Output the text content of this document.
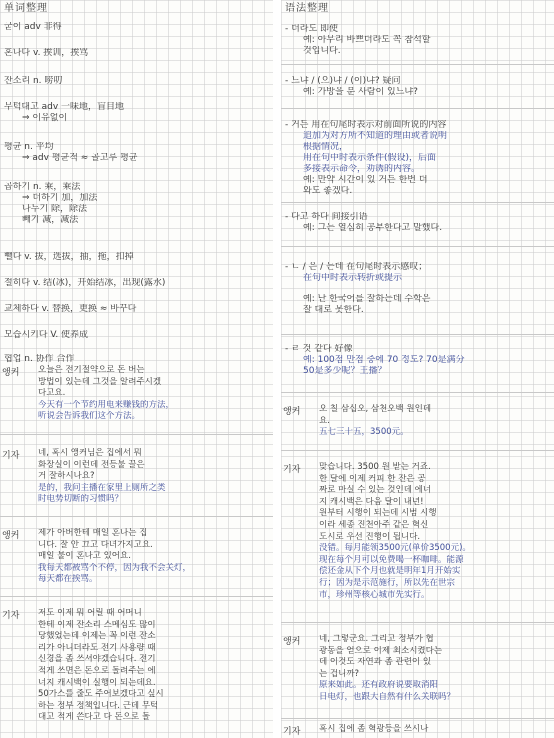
单词整理
굳이 adv 非得
혼나다 v. 挨训，挨骂
잔소리 n. 唠叨
무턱대고 adv 一味地，盲目地
⇒ 이유없이
평균 n. 平均
⇒ adv 평균적 ≈ 골고루 평균
곱하기 n. 乘，乘法
⇒ 더하기 加，加法
나누기 除，除法
빼기 减，减法
뺄다 v. 拔，选拔，抽，拖，扣掉
절히다 v. 结(冰)，开始结冰，出现(露水)
교체하다 v. 替换，更换 ≈ 바꾸다
모습시키다 V. 使养成
협업 n. 协作 合作
앵커 오늘은 전기절약으로 돈 버는
방법이 있는데 그것을 알려주시겠
다고요.
今天有一个节约用电来赚钱的方法，
听说会告诉我们这个方法。
기자 네, 혹시 앵커님은 집에서 뭐
화장실이 이런데 전등불 끌은
거 잘하시나요?
是的，我问主播在家里上厕所之类
时电势切断的习惯吗？
앵커 제가 아버한테 매일 혼나는 집
니다. 잘 안 끄고 다녀가지고요.
매일 불이 혼나고 있어요.
我每天都被骂个不停，因为我不会关灯，
每天都在挨骂。
기자 저도 이제 뭐 어릴 때 어머니
한테 이제 잔소리 스메심도 많이
당했었는데 이제는 꼭 이런 잔소
리가 아니더라도 전기 사용량 때
신경을 좀 쓰셔야겠습니다. 전기
적게 쓰면은 돈으로 돌려주는 에
너지 캐시백이 실행이 되는데요.
50가스를 줄도 주어보겠다고 싶시
하는 정부 정책입니다. 근데 무턱
대고 적게 쓴다고 다 돈으로 돌
语法整理
- 더라도 即使
예: 아무리 바쁘더라도 꼭 참석할
것입니다.
- 느냐 / (으)냐 / (이)냐? 疑问
예: 가방을 분 사람이 있느냐?
- 거든 用在句尾时表示对前面所说的内容
追加为对方所不知道的理由或者说明
根据情况，
用在句中时表示条件(假设)，后面
多接表示命令，劝诱的内容。
예: 만약 시간이 있 거든 한번 더
와도 좋겠다.
- 다고 하다 间接引语
예: 그는 열심히 공부한다고 말했다.
- ㄴ / 은 / 는데 在句尾时表示感叹；
在句中时表示转折或提示
예: 난 한국어를 잘하는데 수학은
잘 대로 못한다.
- ㄹ 것 같다 好像
예: 100점 만점 중에 70 정도? 70是满分
50是多少呢？王播？
앵커 오 칠 삼십오, 삼천오백 원인데
요.
五七三十五，3500元。
기자 맞습니다. 3500 원 받는 거죠.
한 달에 이제 커피 한 잔은 공
짜로 마실 수 있는 것인데 에너
지 캐시백은 다음 달이 내년!
원부터 시행이 되는데 시범 시행
이라 세종 진천아주 같은 혁신
도시로 우선 진행이 됩니다.
没错。每月能领3500元(单价3500元)。
现在每个月可以免费喝一杯咖啡。能源
偿还金从下个月也就是明年1月开始实
行；因为是示范施行，所以先在世宗
市，珍州等核心城市先实行。
앵커 네, 그렇군요. 그리고 정부가 협
광동을 얻으로 이제 최소시켰다는
데 이것도 자연과 좀 관련이 있
는 겁니까?
原来如此。还有政府说要取消阳
日电灯，也跟大自然有什么关联吗？
기자 혹시 집에 좀 혁광등을 쓰시나
